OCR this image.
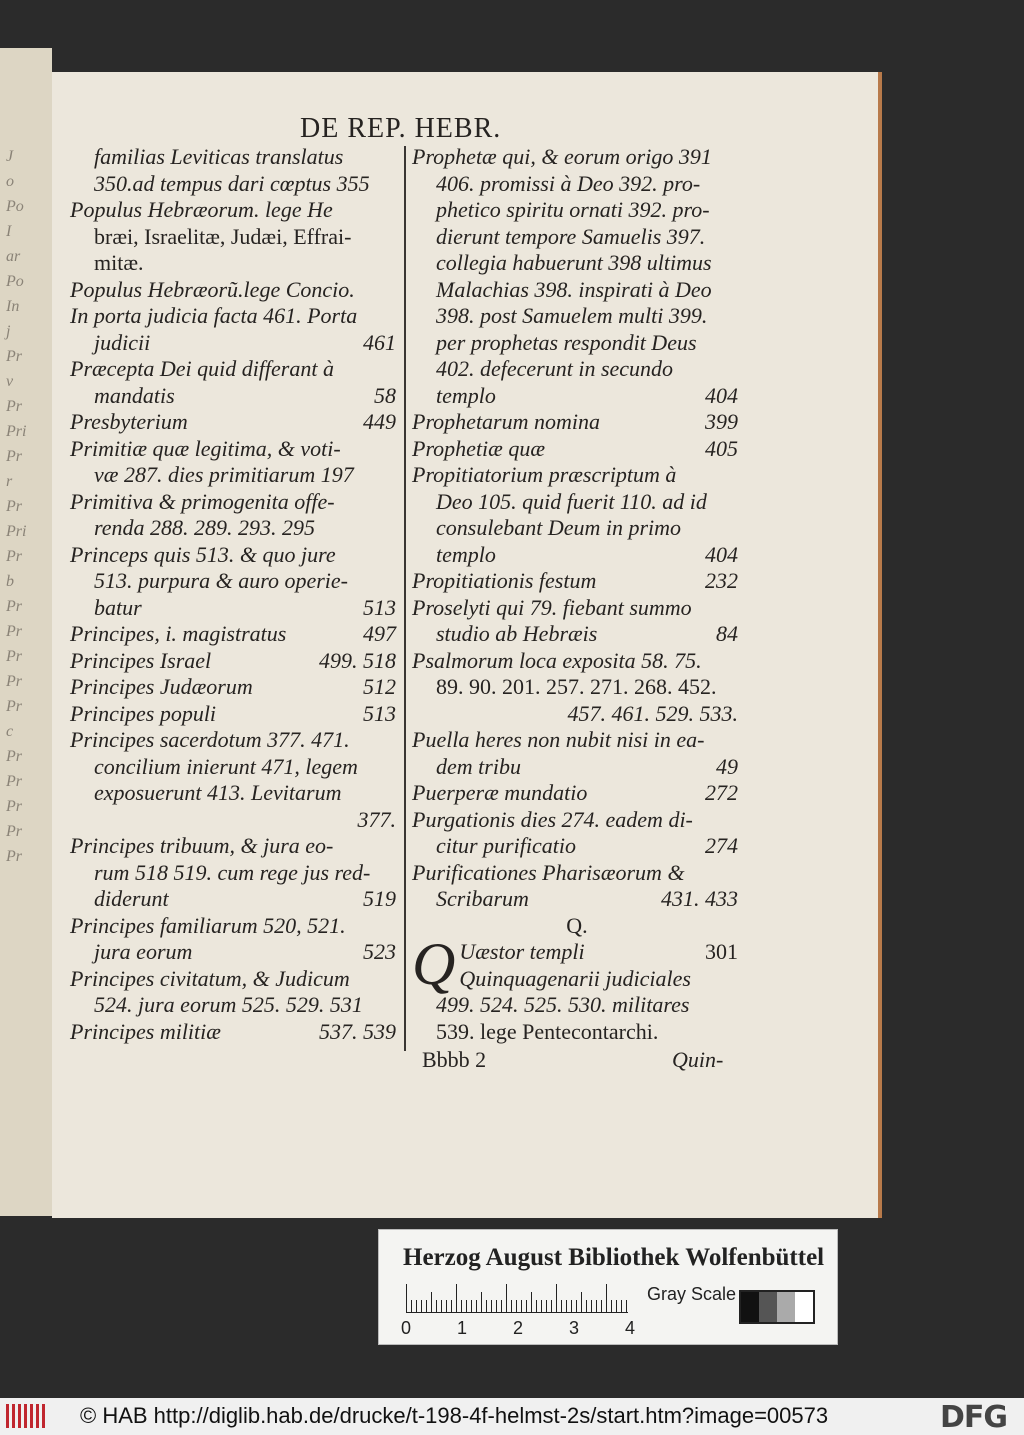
J
o
Po
I
ar
Po
In
j
Pr
v
Pr
Pri
Pr
r
Pr
Pri
Pr
b
Pr
Pr
Pr
Pr
Pr
c
Pr
Pr
Pr
Pr
Pr
DE REP. HEBR.
familias Leviticas translatus
350.ad tempus dari cœptus 355
Populus Hebræorum. lege He
bræi, Israelitæ, Judæi, Effrai-
mitæ.
Populus Hebræorũ.lege Concio.
In porta judicia facta 461. Porta
judicii	461
Præcepta Dei quid differant à
mandatis	58
Presbyterium	449
Primitiæ quæ legitima, & voti-
væ 287. dies primitiarum 197
Primitiva & primogenita offe-
renda 288. 289. 293. 295
Princeps quis 513. & quo jure
513. purpura & auro operie-
batur	513
Principes, i. magistratus	497
Principes Israel	499. 518
Principes Judæorum	512
Principes populi	513
Principes sacerdotum 377. 471.
concilium inierunt 471, legem
exposuerunt 413. Levitarum
377.
Principes tribuum, & jura eo-
rum 518 519. cum rege jus red-
diderunt	519
Principes familiarum 520, 521.
jura eorum	523
Principes civitatum, & Judicum
524. jura eorum 525. 529. 531
Principes militiæ	537. 539
Prophetæ qui, & eorum origo 391
406. promissi à Deo 392. pro-
phetico spiritu ornati 392. pro-
dierunt tempore Samuelis 397.
collegia habuerunt 398 ultimus
Malachias 398. inspirati à Deo
398. post Samuelem multi 399.
per prophetas respondit Deus
402. defecerunt in secundo
templo	404
Prophetarum nomina	399
Prophetiæ quæ	405
Propitiatorium præscriptum à
Deo 105. quid fuerit 110. ad id
consulebant Deum in primo
templo	404
Propitiationis festum	232
Proselyti qui 79. fiebant summo
studio ab Hebræis	84
Psalmorum loca exposita 58. 75.
89. 90. 201. 257. 271. 268. 452.
457. 461. 529. 533.
Puella heres non nubit nisi in ea-
dem tribu	49
Puerperæ mundatio	272
Purgationis dies 274. eadem di-
citur purificatio	274
Purificationes Pharisæorum &
Scribarum	431. 433
Q.
Q Uæstor templi	301
Quinquagenarii judiciales
499. 524. 525. 530. militares
539. lege Pentecontarchi.
Bbbb 2	Quin-
Herzog August Bibliothek Wolfenbüttel
0	1	2	3	4
Gray Scale
© HAB http://diglib.hab.de/drucke/t-198-4f-helmst-2s/start.htm?image=00573	DFG
